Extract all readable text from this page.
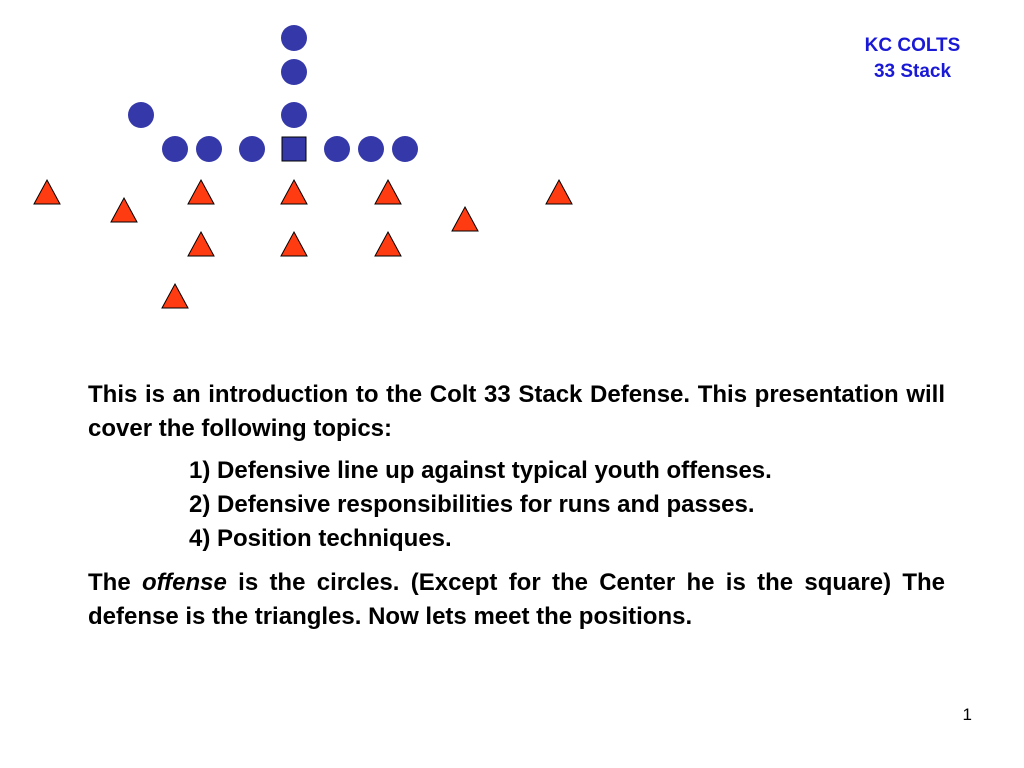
KC COLTS
33 Stack

This is an introduction to the Colt 33 Stack Defense. This presentation will cover the following topics:

1) Defensive line up against typical youth offenses.
2) Defensive responsibilities for runs and passes.
4) Position techniques.

The offense is the circles. (Except for the Center he is the square) The defense is the triangles. Now lets meet the positions.

1
